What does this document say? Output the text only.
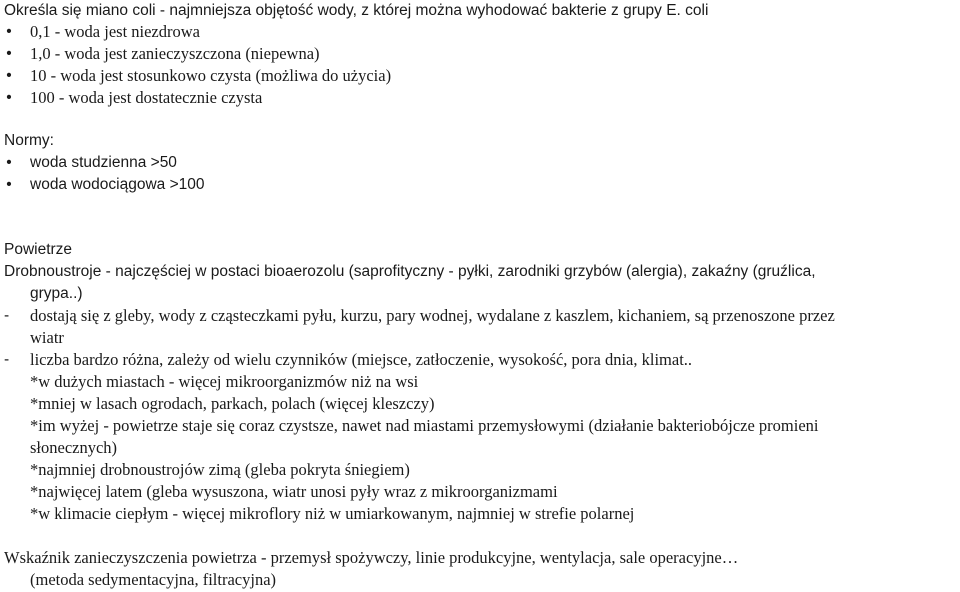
Określa się miano coli - najmniejsza objętość wody, z której można wyhodować bakterie z grupy E. coli
• 0,1 - woda jest niezdrowa
• 1,0 - woda jest zanieczyszczona (niepewna)
• 10 - woda jest stosunkowo czysta (możliwa do użycia)
• 100 - woda jest dostatecznie czysta
Normy:
• woda studzienna >50
• woda wodociągowa >100
Powietrze
Drobnoustroje - najczęściej w postaci bioaerozolu (saprofityczny - pyłki, zarodniki grzybów (alergia), zakaźny (gruźlica,
grypa..)
- dostają się z gleby, wody z cząsteczkami pyłu, kurzu, pary wodnej, wydalane z kaszlem, kichaniem, są przenoszone przez
wiatr
- liczba bardzo różna, zależy od wielu czynników (miejsce, zatłoczenie, wysokość, pora dnia, klimat..
*w dużych miastach - więcej mikroorganizmów niż na wsi
*mniej w lasach ogrodach, parkach, polach (więcej kleszczy)
*im wyżej - powietrze staje się coraz czystsze, nawet nad miastami przemysłowymi (działanie bakteriobójcze promieni
słonecznych)
*najmniej drobnoustrojów zimą (gleba pokryta śniegiem)
*najwięcej latem (gleba wysuszona, wiatr unosi pyły wraz z mikroorganizmami
*w klimacie ciepłym - więcej mikroflory niż w umiarkowanym, najmniej w strefie polarnej
Wskaźnik zanieczyszczenia powietrza - przemysł spożywczy, linie produkcyjne, wentylacja, sale operacyjne…
(metoda sedymentacyjna, filtracyjna)
